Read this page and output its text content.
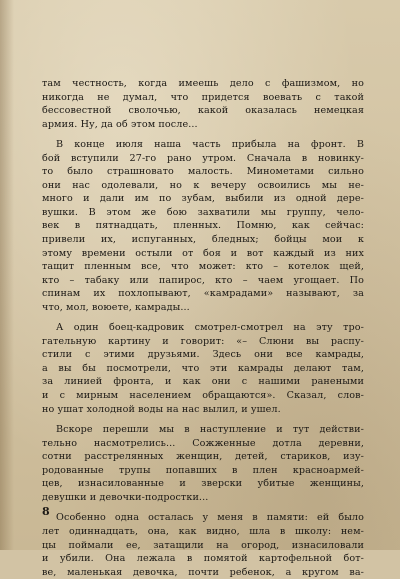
там честность, когда имеешь дело с фашизмом, но
никогда не думал, что придется воевать с такой
бессовестной сволочью, какой оказалась немецкая
армия. Ну, да об этом после...
В конце июля наша часть прибыла на фронт. В
бой вступили 27-го рано утром. Сначала в новинку-
то было страшновато малость. Минометами сильно
они нас одолевали, но к вечеру освоились мы не-
много и дали им по зубам, выбили из одной дере-
вушки. В этом же бою захватили мы группу, чело-
век в пятнадцать, пленных. Помню, как сейчас:
привели их, испуганных, бледных; бойцы мои к
этому времени остыли от боя и вот каждый из них
тащит пленным все, что может: кто – котелок щей,
кто – табаку или папирос, кто – чаем угощает. По
спинам их похлопывают, «камрадами» называют, за
что, мол, воюете, камрады...
А один боец-кадровик смотрел-смотрел на эту тро-
гательную картину и говорит: «– Слюни вы распу-
стили с этими друзьями. Здесь они все камрады,
а вы бы посмотрели, что эти камрады делают там,
за линией фронта, и как они с нашими ранеными
и с мирным населением обращаются». Сказал, слов-
но ушат холодной воды на нас вылил, и ушел.
Вскоре перешли мы в наступление и тут действи-
тельно насмотрелись... Сожженные дотла деревни,
сотни расстрелянных женщин, детей, стариков, изу-
родованные трупы попавших в плен красноармей-
цев, изнасилованные и зверски убитые женщины,
девушки и девочки-подростки...
Особенно одна осталась у меня в памяти: ей было
лет одиннадцать, она, как видно, шла в школу: нем-
цы поймали ее, затащили на огород, изнасиловали
и убили. Она лежала в помятой картофельной бот-
ве, маленькая девочка, почти ребенок, а кругом ва-
8
